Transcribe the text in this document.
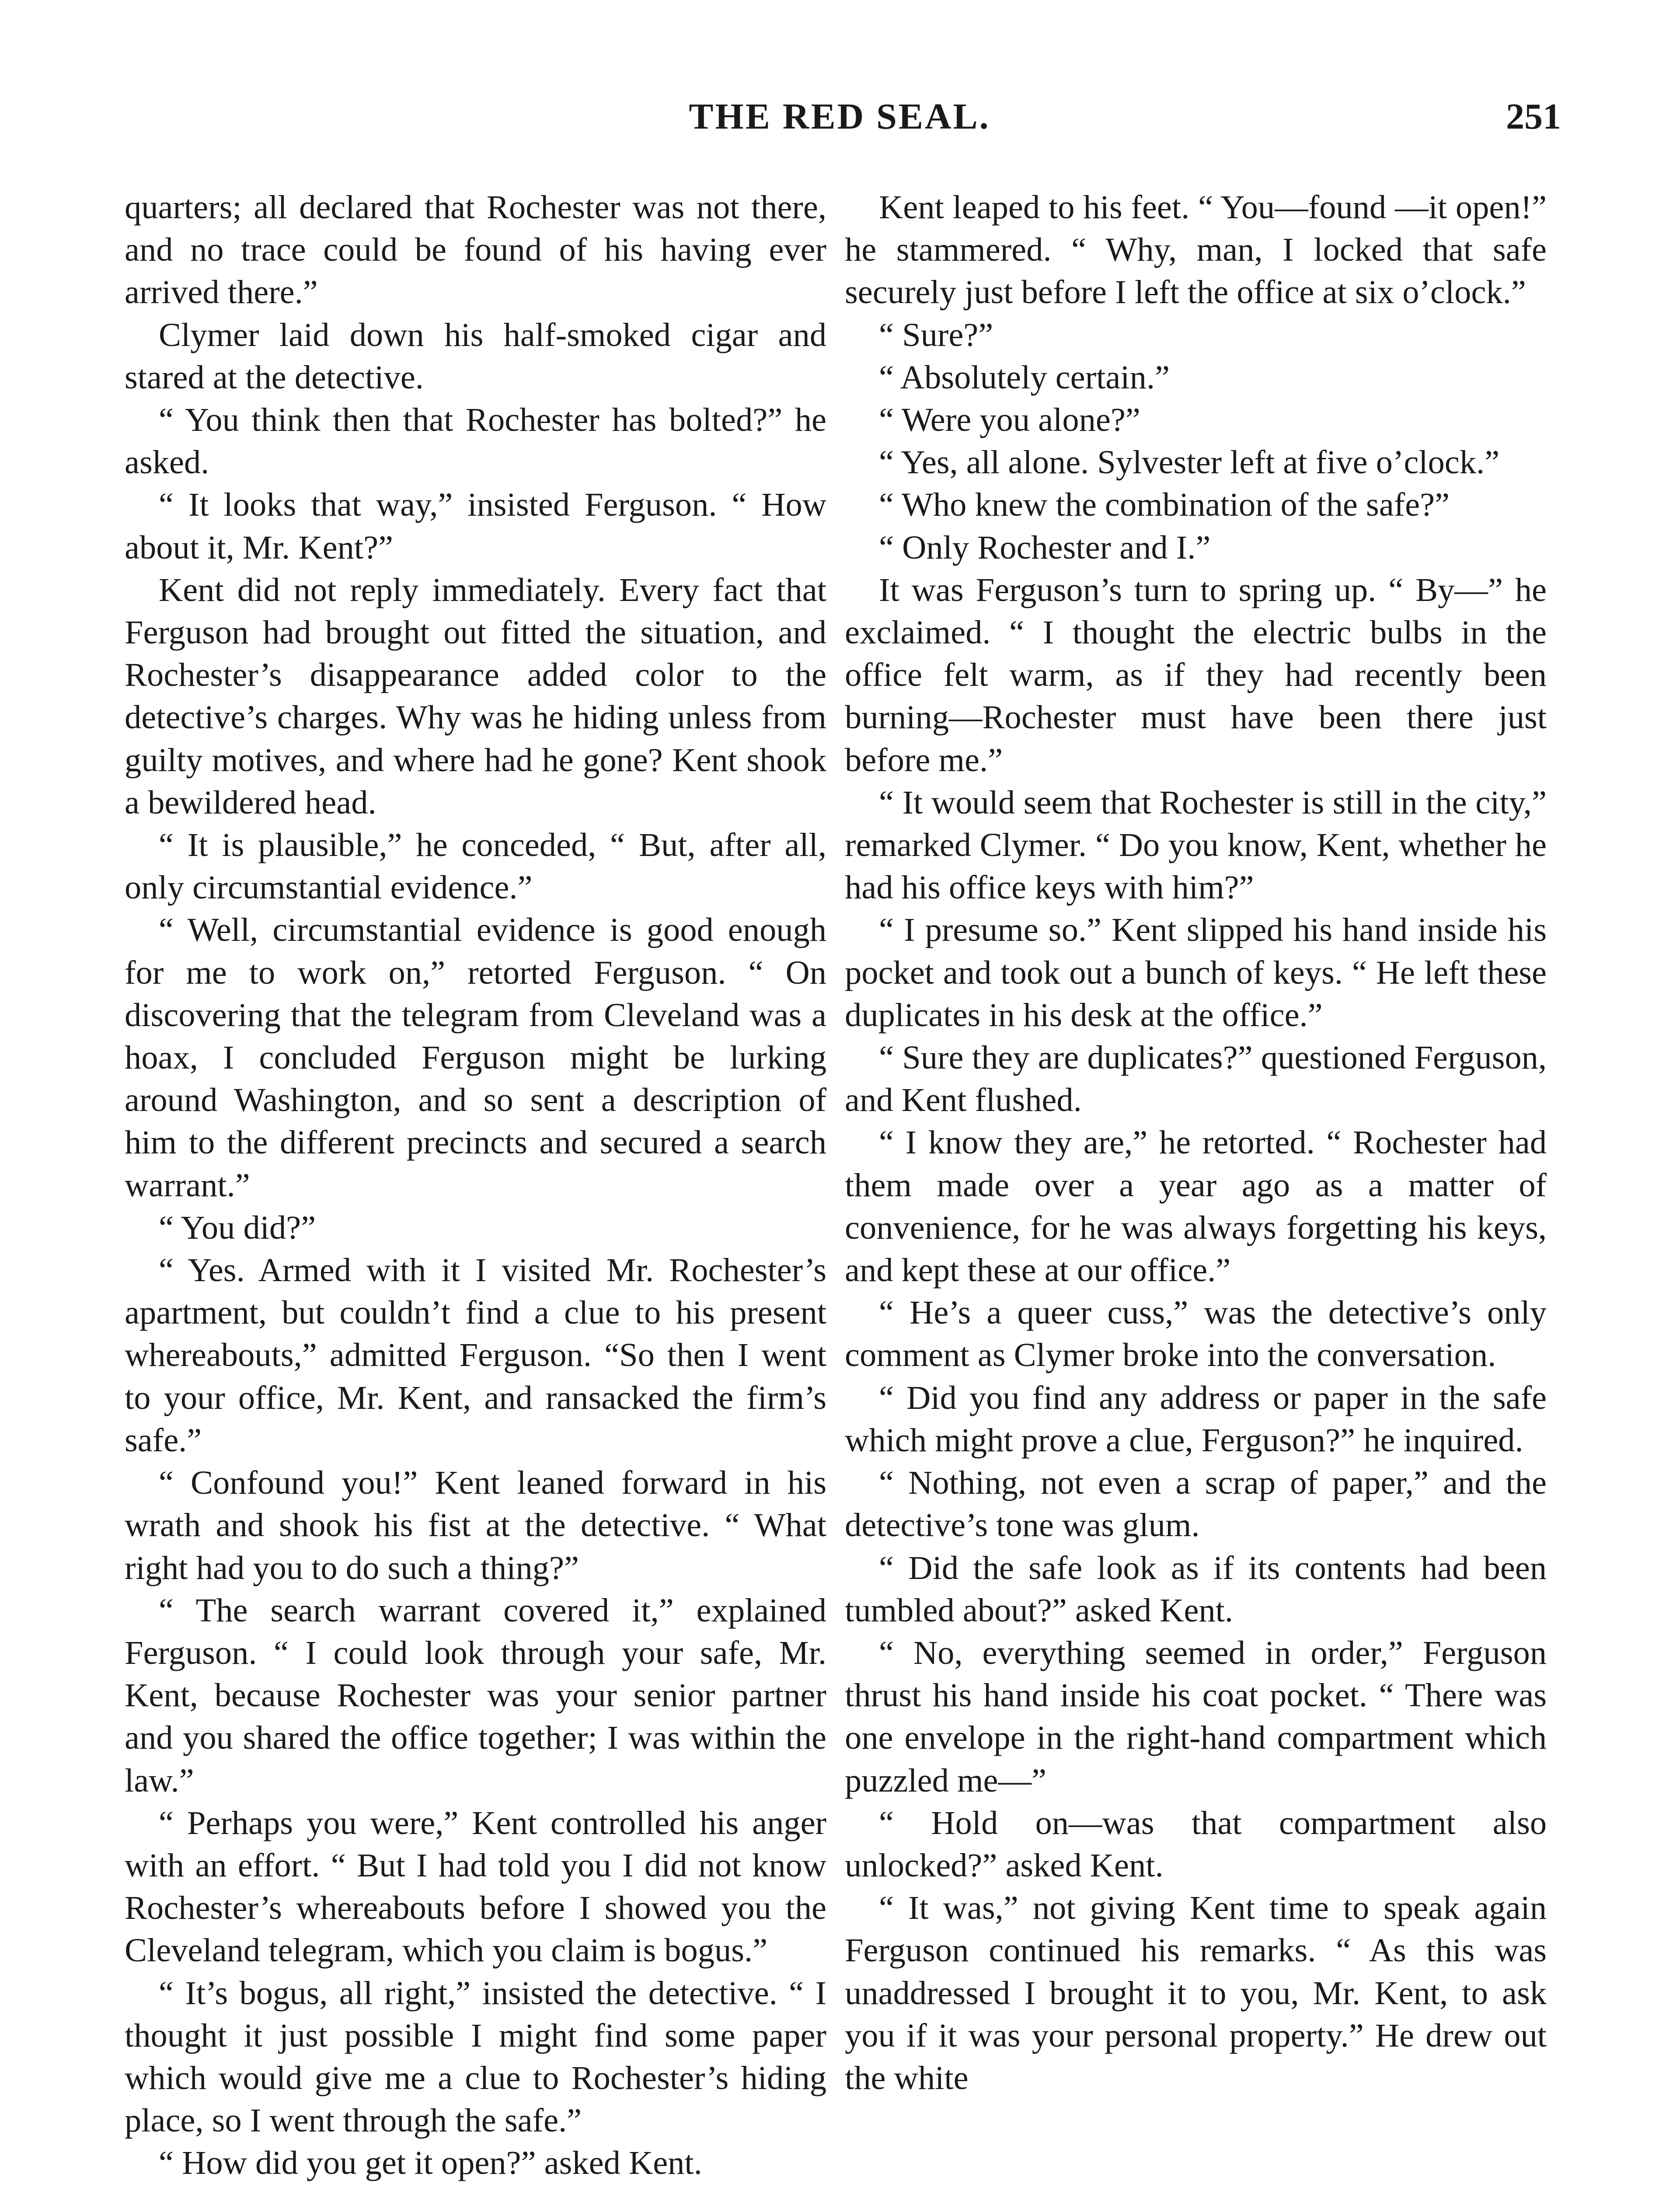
THE RED SEAL.	251

quarters; all declared that Rochester was not there, and no trace could be found of his having ever arrived there.”

Clymer laid down his half-smoked cigar and stared at the detective.

“ You think then that Rochester has bolted?” he asked.

“ It looks that way,” insisted Ferguson. “ How about it, Mr. Kent?”

Kent did not reply immediately. Every fact that Ferguson had brought out fitted the situation, and Rochester’s disappearance added color to the detective’s charges. Why was he hiding unless from guilty motives, and where had he gone? Kent shook a bewildered head.

“ It is plausible,” he conceded, “ But, after all, only circumstantial evidence.”

“ Well, circumstantial evidence is good enough for me to work on,” retorted Ferguson. “ On discovering that the telegram from Cleveland was a hoax, I concluded Ferguson might be lurking around Washington, and so sent a description of him to the different precincts and secured a search warrant.”

“ You did?”

“ Yes. Armed with it I visited Mr. Rochester’s apartment, but couldn’t find a clue to his present whereabouts,” admitted Ferguson. “So then I went to your office, Mr. Kent, and ransacked the firm’s safe.”

“ Confound you!” Kent leaned forward in his wrath and shook his fist at the detective. “ What right had you to do such a thing?”

“ The search warrant covered it,” explained Ferguson. “ I could look through your safe, Mr. Kent, because Rochester was your senior partner and you shared the office together; I was within the law.”

“ Perhaps you were,” Kent controlled his anger with an effort. “ But I had told you I did not know Rochester’s whereabouts before I showed you the Cleveland telegram, which you claim is bogus.”

“ It’s bogus, all right,” insisted the detective. “ I thought it just possible I might find some paper which would give me a clue to Rochester’s hiding place, so I went through the safe.”

“ How did you get it open?” asked Kent.

Kent leaped to his feet. “ You—found —it open!” he stammered. “ Why, man, I locked that safe securely just before I left the office at six o’clock.”

“ Sure?”

“ Absolutely certain.”

“ Were you alone?”

“ Yes, all alone. Sylvester left at five o’clock.”

“ Who knew the combination of the safe?”

“ Only Rochester and I.”

It was Ferguson’s turn to spring up. “ By—” he exclaimed. “ I thought the electric bulbs in the office felt warm, as if they had recently been burning—Rochester must have been there just before me.”

“ It would seem that Rochester is still in the city,” remarked Clymer. “ Do you know, Kent, whether he had his office keys with him?”

“ I presume so.” Kent slipped his hand inside his pocket and took out a bunch of keys. “ He left these duplicates in his desk at the office.”

“ Sure they are duplicates?” questioned Ferguson, and Kent flushed.

“ I know they are,” he retorted. “ Rochester had them made over a year ago as a matter of convenience, for he was always forgetting his keys, and kept these at our office.”

“ He’s a queer cuss,” was the detective’s only comment as Clymer broke into the conversation.

“ Did you find any address or paper in the safe which might prove a clue, Ferguson?” he inquired.

“ Nothing, not even a scrap of paper,” and the detective’s tone was glum.

“ Did the safe look as if its contents had been tumbled about?” asked Kent.

“ No, everything seemed in order,” Ferguson thrust his hand inside his coat pocket. “ There was one envelope in the right-hand compartment which puzzled me—”

“ Hold on—was that compartment also unlocked?” asked Kent.

“ It was,” not giving Kent time to speak again Ferguson continued his remarks. “ As this was unaddressed I brought it to you, Mr. Kent, to ask you if it was your personal property.” He drew out the white
